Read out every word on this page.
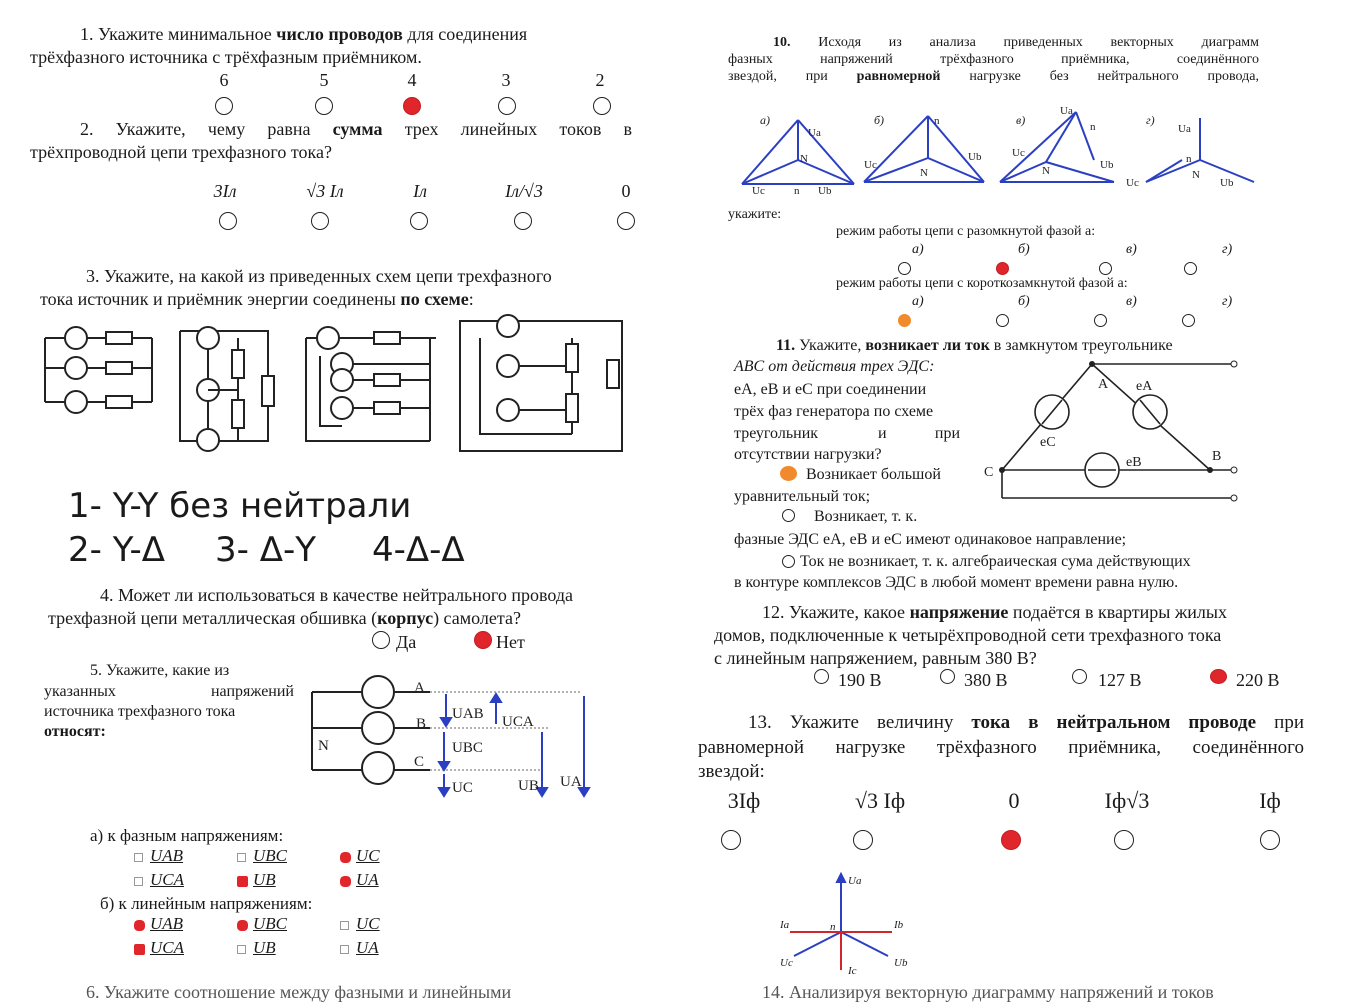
1. Укажите минимальное число проводов для соединения
трёхфазного источника с трёхфазным приёмником.
6	5	4	3	2
2. Укажите, чему равна сумма трех линейных токов в
трёхпроводной цепи трехфазного тока?
3Iл	√3 Iл	Iл	Iл/√3	0
3. Укажите, на какой из приведенных схем цепи трехфазного
тока источник и приёмник энергии соединены по схеме:
1- Y-Y без нейтрали
2- Y-Δ 3- Δ-Y 4-Δ-Δ
4. Может ли использоваться в качестве нейтрального провода
трехфазной цепи металлическая обшивка (корпус) самолета?
Да	Нет
5. Укажите, какие из
указанных	напряжений
источника трехфазного тока
относят:
A
B
C
N
UAB UCA
UBC
UC	UB UA
а) к фазным напряжениям:
UAB	UBC	UC
UCA	UB	UA
б) к линейным напряжениям:
UAB	UBC	UC
UCA	UB	UA
6. Укажите соотношение между фазными и линейными
10. Исходя из анализа приведенных векторных диаграмм
фазных напряжений трёхфазного приёмника, соединённого
звездой, при равномерной нагрузке без нейтрального провода,
а)	б)	в)	г)
Ua
N
Uc	n Ub
n
Uc
Ub
N
Ua
n
Uc
Ub
N
Ua
n
Uc
N
Ub
укажите:
режим работы цепи с разомкнутой фазой а:
а)	б)	в)	г)
режим работы цепи с короткозамкнутой фазой а:
а)	б)	в)	г)
11. Укажите, возникает ли ток в замкнутом треугольнике
ABC от действия трех ЭДС:
eA, eB и eC при соединении
трёх фаз генератора по схеме
треугольник	и	при
отсутствии нагрузки?
A
B
C
eA
eB
eC
Возникает большой
уравнительный ток;
Возникает, т. к.
фазные ЭДС eA, eB и eC имеют одинаковое направление;
Ток не возникает, т. к. алгебраическая сума действующих
в контуре комплексов ЭДС в любой момент времени равна нулю.
12. Укажите, какое напряжение подаётся в квартиры жилых
домов, подключенные к четырёхпроводной сети трехфазного тока
с линейным напряжением, равным 380 В?
190 В	380 В	127 В	220 В
13. Укажите величину тока в нейтральном проводе при
равномерной нагрузке трёхфазного приёмника, соединённого
звездой:
3Iф	√3 Iф	0	Iф√3	Iф
Ua
Ia	Ib
n
Uc	Ub
Ic
14. Анализируя векторную диаграмму напряжений и токов
